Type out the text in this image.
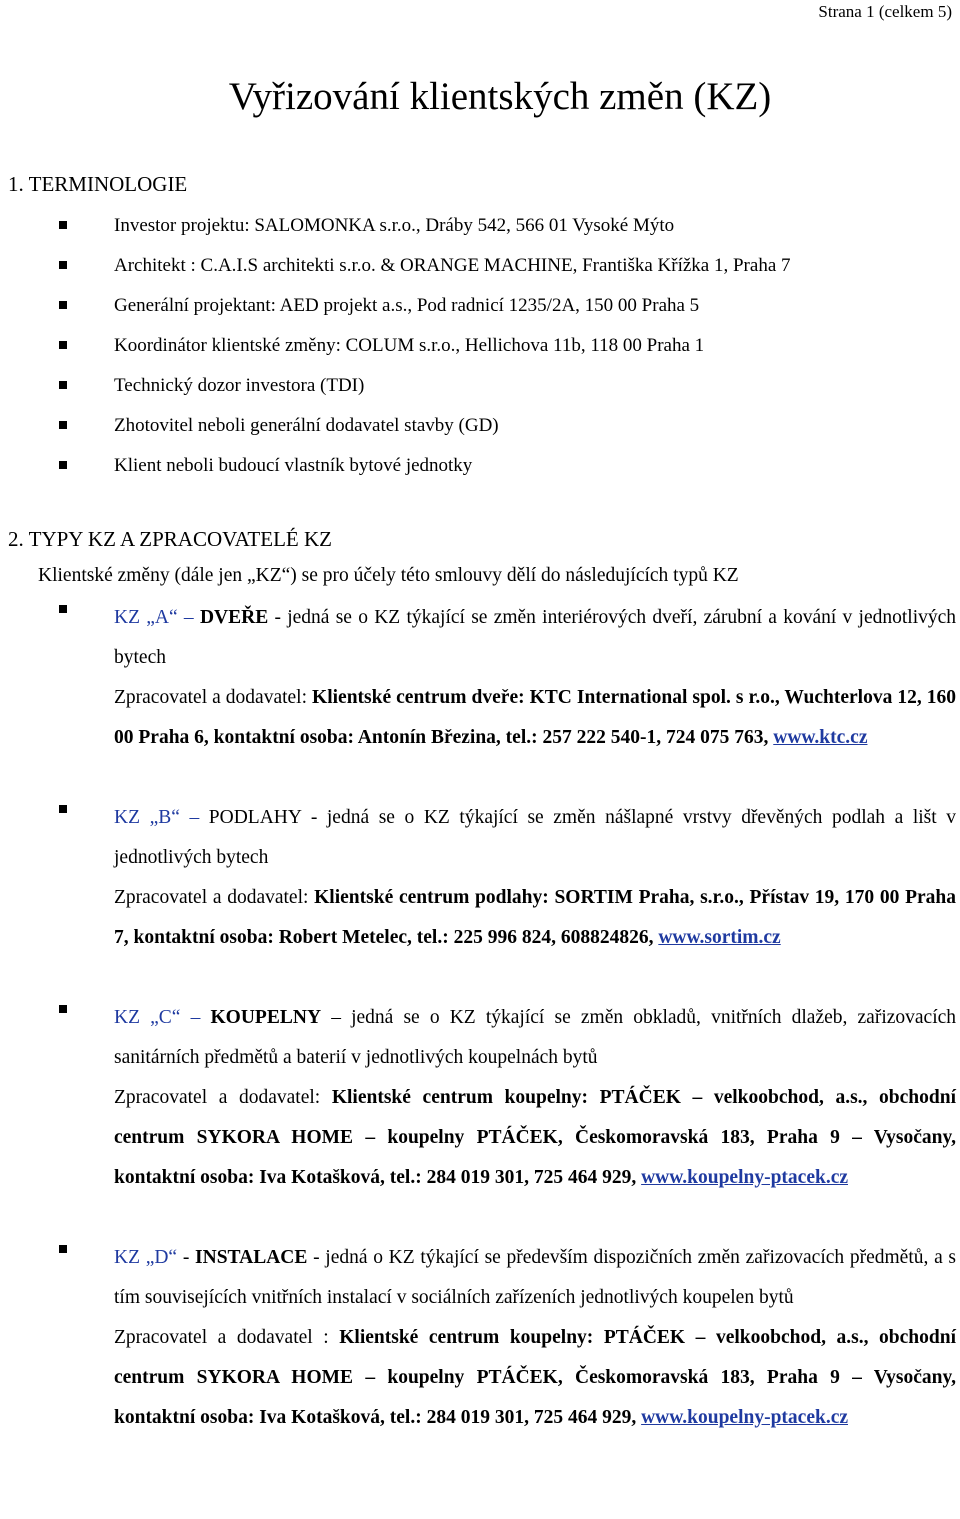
Strana 1 (celkem 5)
Vyřizování klientských změn (KZ)
1. TERMINOLOGIE
Investor projektu: SALOMONKA s.r.o., Dráby 542, 566 01 Vysoké Mýto
Architekt : C.A.I.S architekti s.r.o. & ORANGE MACHINE, Františka Křížka 1, Praha 7
Generální projektant: AED projekt a.s., Pod radnicí 1235/2A, 150 00 Praha 5
Koordinátor klientské změny: COLUM s.r.o., Hellichova 11b, 118 00 Praha 1
Technický dozor investora (TDI)
Zhotovitel neboli generální dodavatel stavby (GD)
Klient neboli budoucí vlastník bytové jednotky
2. TYPY KZ A ZPRACOVATELÉ KZ
Klientské změny (dále jen „KZ“) se pro účely této smlouvy dělí do následujících typů KZ

KZ „A“ – DVEŘE - jedná se o KZ týkající se změn interiérových dveří, zárubní a kování v jednotlivých bytech

Zpracovatel a dodavatel: Klientské centrum dveře: KTC International spol. s r.o., Wuchterlova 12, 160 00 Praha 6, kontaktní osoba: Antonín Březina, tel.: 257 222 540-1, 724 075 763, www.ktc.cz

KZ „B“ – PODLAHY - jedná se o KZ týkající se změn nášlapné vrstvy dřevěných podlah a lišt v jednotlivých bytech

Zpracovatel a dodavatel: Klientské centrum podlahy: SORTIM Praha, s.r.o., Přístav 19, 170 00 Praha 7, kontaktní osoba: Robert Metelec, tel.: 225 996 824, 608824826, www.sortim.cz

KZ „C“ – KOUPELNY – jedná se o KZ týkající se změn obkladů, vnitřních dlažeb, zařizovacích sanitárních předmětů a baterií v jednotlivých koupelnách bytů

Zpracovatel a dodavatel: Klientské centrum koupelny: PTÁČEK – velkoobchod, a.s., obchodní centrum SYKORA HOME – koupelny PTÁČEK, Českomoravská 183, Praha 9 – Vysočany, kontaktní osoba: Iva Kotašková, tel.: 284 019 301, 725 464 929, www.koupelny-ptacek.cz

KZ „D“ - INSTALACE - jedná o KZ týkající se především dispozičních změn zařizovacích předmětů, a s tím souvisejících vnitřních instalací v sociálních zařízeních jednotlivých koupelen bytů

Zpracovatel a dodavatel : Klientské centrum koupelny: PTÁČEK – velkoobchod, a.s., obchodní centrum SYKORA HOME – koupelny PTÁČEK, Českomoravská 183, Praha 9 – Vysočany, kontaktní osoba: Iva Kotašková, tel.: 284 019 301, 725 464 929, www.koupelny-ptacek.cz
